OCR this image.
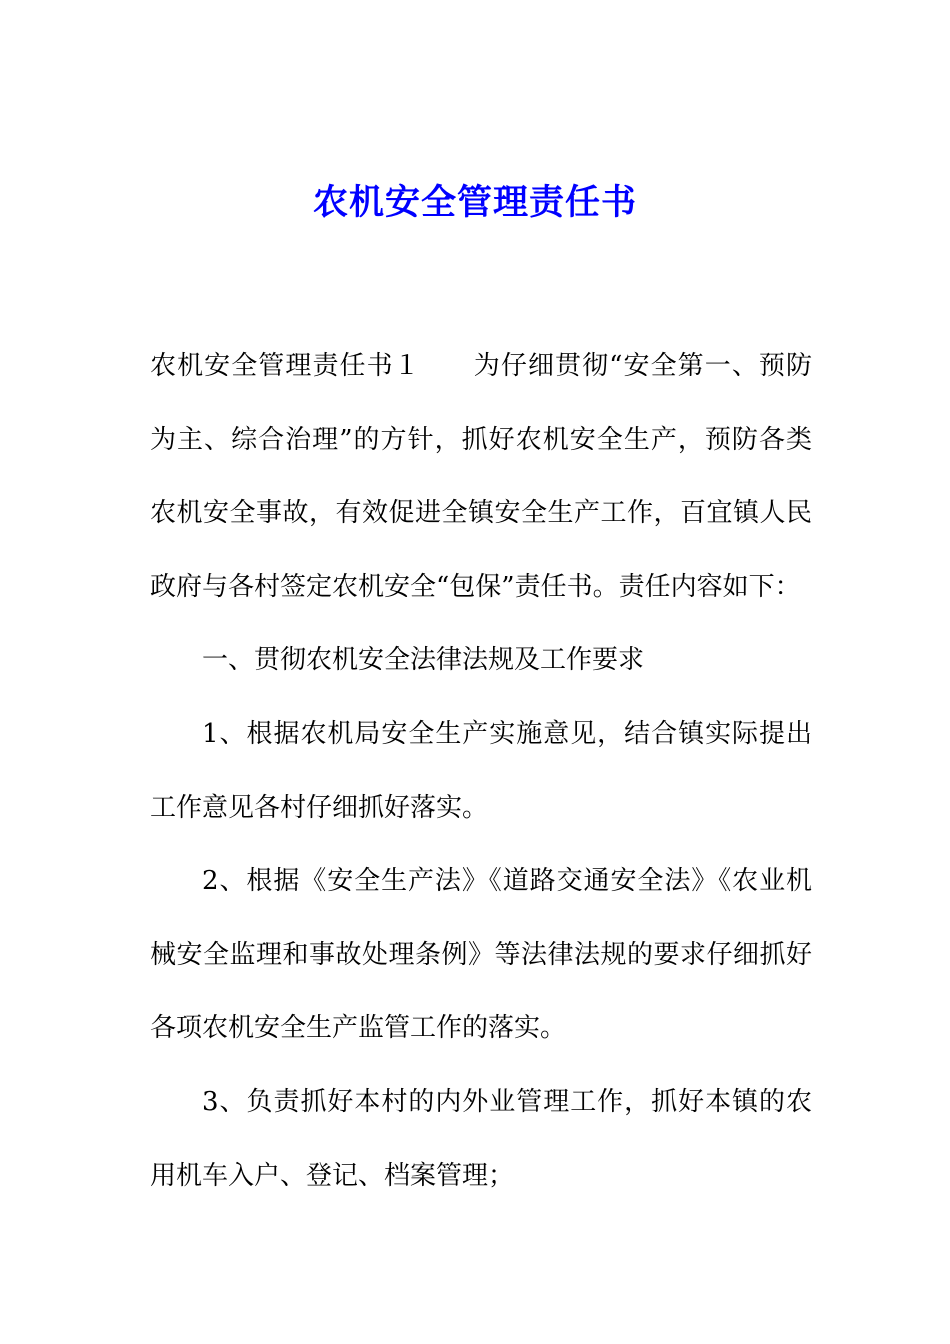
农机安全管理责任书

农机安全管理责任书１ 为仔细贯彻“安全第一、预防为主、综合治理”的方针，抓好农机安全生产，预防各类农机安全事故，有效促进全镇安全生产工作，百宜镇人民政府与各村签定农机安全“包保”责任书。责任内容如下：

一、贯彻农机安全法律法规及工作要求

1、根据农机局安全生产实施意见，结合镇实际提出工作意见各村仔细抓好落实。

2、根据《安全生产法》《道路交通安全法》《农业机械安全监理和事故处理条例》等法律法规的要求仔细抓好各项农机安全生产监管工作的落实。

3、负责抓好本村的内外业管理工作，抓好本镇的农用机车入户、登记、档案管理；
